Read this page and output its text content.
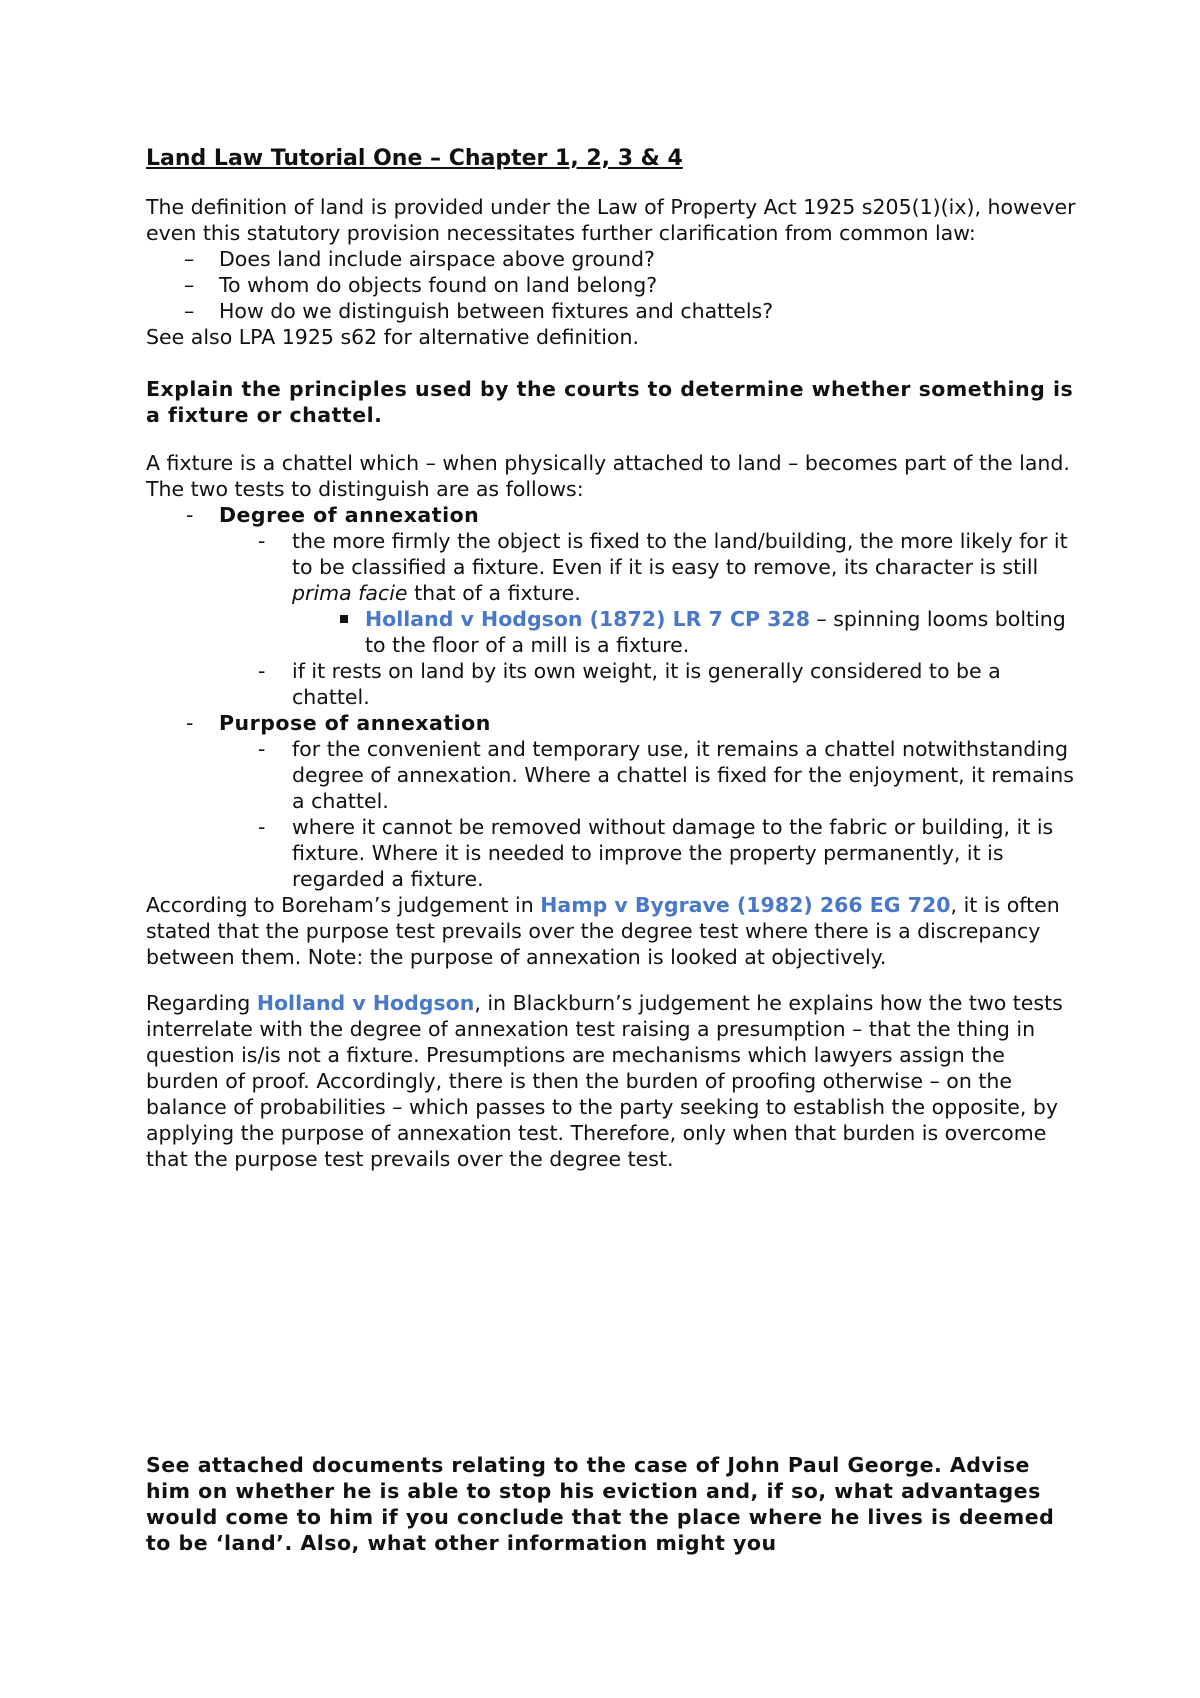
Land Law Tutorial One – Chapter 1, 2, 3 & 4

The definition of land is provided under the Law of Property Act 1925 s205(1)(ix), however even this statutory provision necessitates further clarification from common law:

– Does land include airspace above ground?
– To whom do objects found on land belong?
– How do we distinguish between fixtures and chattels?

See also LPA 1925 s62 for alternative definition.

Explain the principles used by the courts to determine whether something is a fixture or chattel.

A fixture is a chattel which – when physically attached to land – becomes part of the land. The two tests to distinguish are as follows:

- Degree of annexation
- the more firmly the object is fixed to the land/building, the more likely for it to be classified a fixture. Even if it is easy to remove, its character is still prima facie that of a fixture.
Holland v Hodgson (1872) LR 7 CP 328 – spinning looms bolting to the floor of a mill is a fixture.
- if it rests on land by its own weight, it is generally considered to be a chattel.
- Purpose of annexation
- for the convenient and temporary use, it remains a chattel notwithstanding degree of annexation. Where a chattel is fixed for the enjoyment, it remains a chattel.
- where it cannot be removed without damage to the fabric or building, it is fixture. Where it is needed to improve the property permanently, it is regarded a fixture.

According to Boreham’s judgement in Hamp v Bygrave (1982) 266 EG 720, it is often stated that the purpose test prevails over the degree test where there is a discrepancy between them. Note: the purpose of annexation is looked at objectively.

Regarding Holland v Hodgson, in Blackburn’s judgement he explains how the two tests interrelate with the degree of annexation test raising a presumption – that the thing in question is/is not a fixture. Presumptions are mechanisms which lawyers assign the burden of proof. Accordingly, there is then the burden of proofing otherwise – on the balance of probabilities – which passes to the party seeking to establish the opposite, by applying the purpose of annexation test. Therefore, only when that burden is overcome that the purpose test prevails over the degree test.

See attached documents relating to the case of John Paul George. Advise him on whether he is able to stop his eviction and, if so, what advantages would come to him if you conclude that the place where he lives is deemed to be ‘land’. Also, what other information might you
